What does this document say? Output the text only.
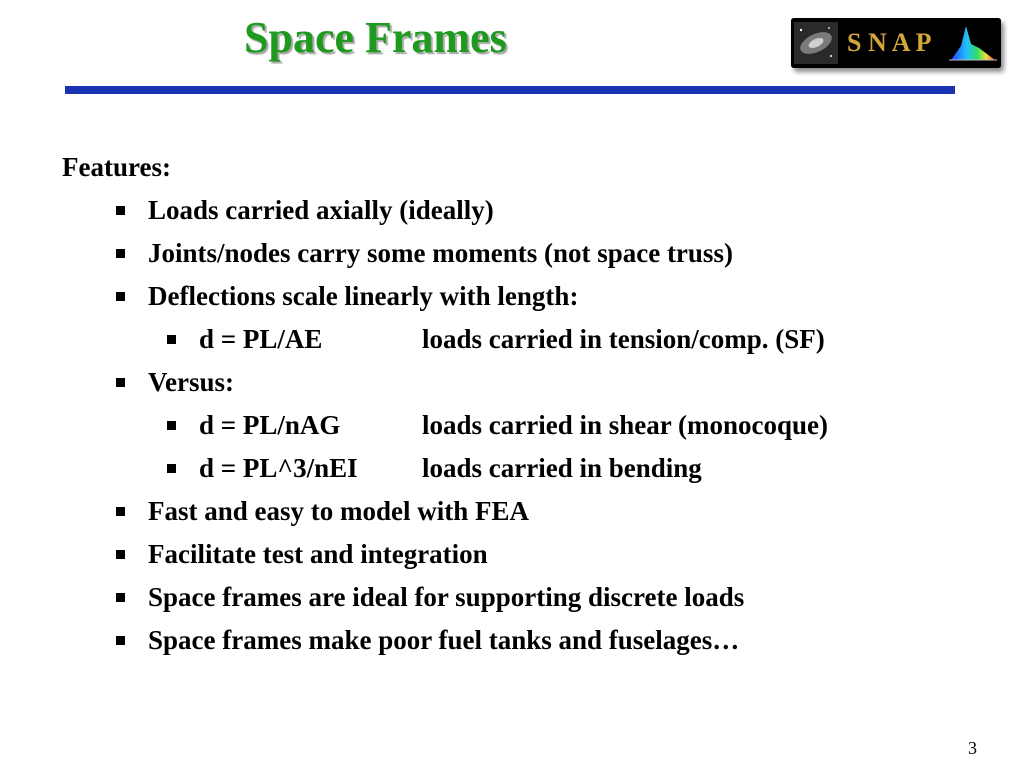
Space Frames	S N A P
Features:
Loads carried axially (ideally)
Joints/nodes carry some moments (not space truss)
Deflections scale linearly with length:
d = PL/AE	loads carried in tension/comp. (SF)
Versus:
d = PL/nAG	loads carried in shear (monocoque)
d = PL^3/nEI loads carried in bending
Fast and easy to model with FEA
Facilitate test and integration
Space frames are ideal for supporting discrete loads
Space frames make poor fuel tanks and fuselages…
3
